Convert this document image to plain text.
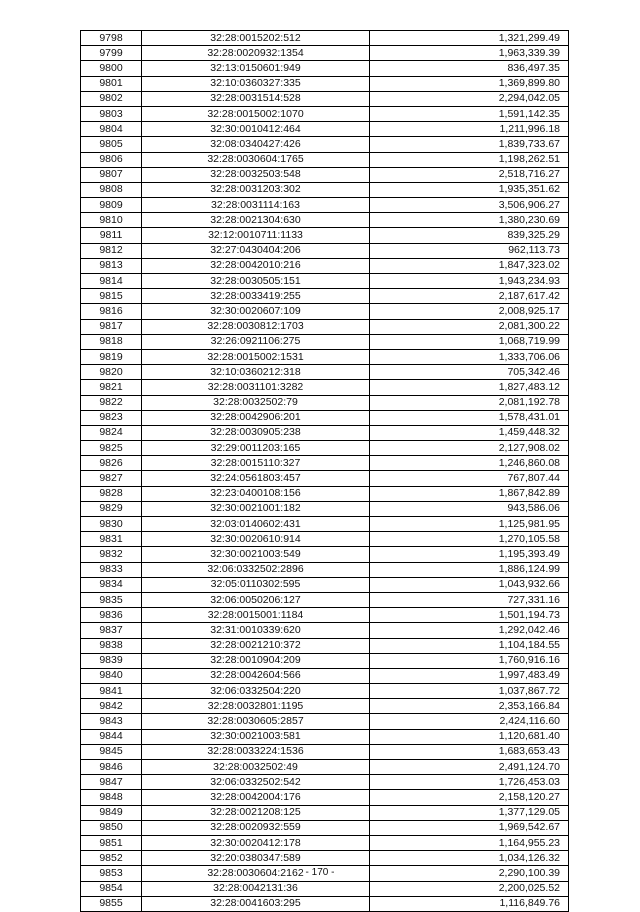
9798	32:28:0015202:512	1,321,299.49
9799	32:28:0020932:1354	1,963,339.39
9800	32:13:0150601:949	836,497.35
9801	32:10:0360327:335	1,369,899.80
9802	32:28:0031514:528	2,294,042.05
9803	32:28:0015002:1070	1,591,142.35
9804	32:30:0010412:464	1,211,996.18
9805	32:08:0340427:426	1,839,733.67
9806	32:28:0030604:1765	1,198,262.51
9807	32:28:0032503:548	2,518,716.27
9808	32:28:0031203:302	1,935,351.62
9809	32:28:0031114:163	3,506,906.27
9810	32:28:0021304:630	1,380,230.69
9811	32:12:0010711:1133	839,325.29
9812	32:27:0430404:206	962,113.73
9813	32:28:0042010:216	1,847,323.02
9814	32:28:0030505:151	1,943,234.93
9815	32:28:0033419:255	2,187,617.42
9816	32:30:0020607:109	2,008,925.17
9817	32:28:0030812:1703	2,081,300.22
9818	32:26:0921106:275	1,068,719.99
9819	32:28:0015002:1531	1,333,706.06
9820	32:10:0360212:318	705,342.46
9821	32:28:0031101:3282	1,827,483.12
9822	32:28:0032502:79	2,081,192.78
9823	32:28:0042906:201	1,578,431.01
9824	32:28:0030905:238	1,459,448.32
9825	32:29:0011203:165	2,127,908.02
9826	32:28:0015110:327	1,246,860.08
9827	32:24:0561803:457	767,807.44
9828	32:23:0400108:156	1,867,842.89
9829	32:30:0021001:182	943,586.06
9830	32:03:0140602:431	1,125,981.95
9831	32:30:0020610:914	1,270,105.58
9832	32:30:0021003:549	1,195,393.49
9833	32:06:0332502:2896	1,886,124.99
9834	32:05:0110302:595	1,043,932.66
9835	32:06:0050206:127	727,331.16
9836	32:28:0015001:1184	1,501,194.73
9837	32:31:0010339:620	1,292,042.46
9838	32:28:0021210:372	1,104,184.55
9839	32:28:0010904:209	1,760,916.16
9840	32:28:0042604:566	1,997,483.49
9841	32:06:0332504:220	1,037,867.72
9842	32:28:0032801:1195	2,353,166.84
9843	32:28:0030605:2857	2,424,116.60
9844	32:30:0021003:581	1,120,681.40
9845	32:28:0033224:1536	1,683,653.43
9846	32:28:0032502:49	2,491,124.70
9847	32:06:0332502:542	1,726,453.03
9848	32:28:0042004:176	2,158,120.27
9849	32:28:0021208:125	1,377,129.05
9850	32:28:0020932:559	1,969,542.67
9851	32:30:0020412:178	1,164,955.23
9852	32:20:0380347:589	1,034,126.32
9853	32:28:0030604:2162	2,290,100.39
9854	32:28:0042131:36	2,200,025.52
9855	32:28:0041603:295	1,116,849.76
- 170 -
